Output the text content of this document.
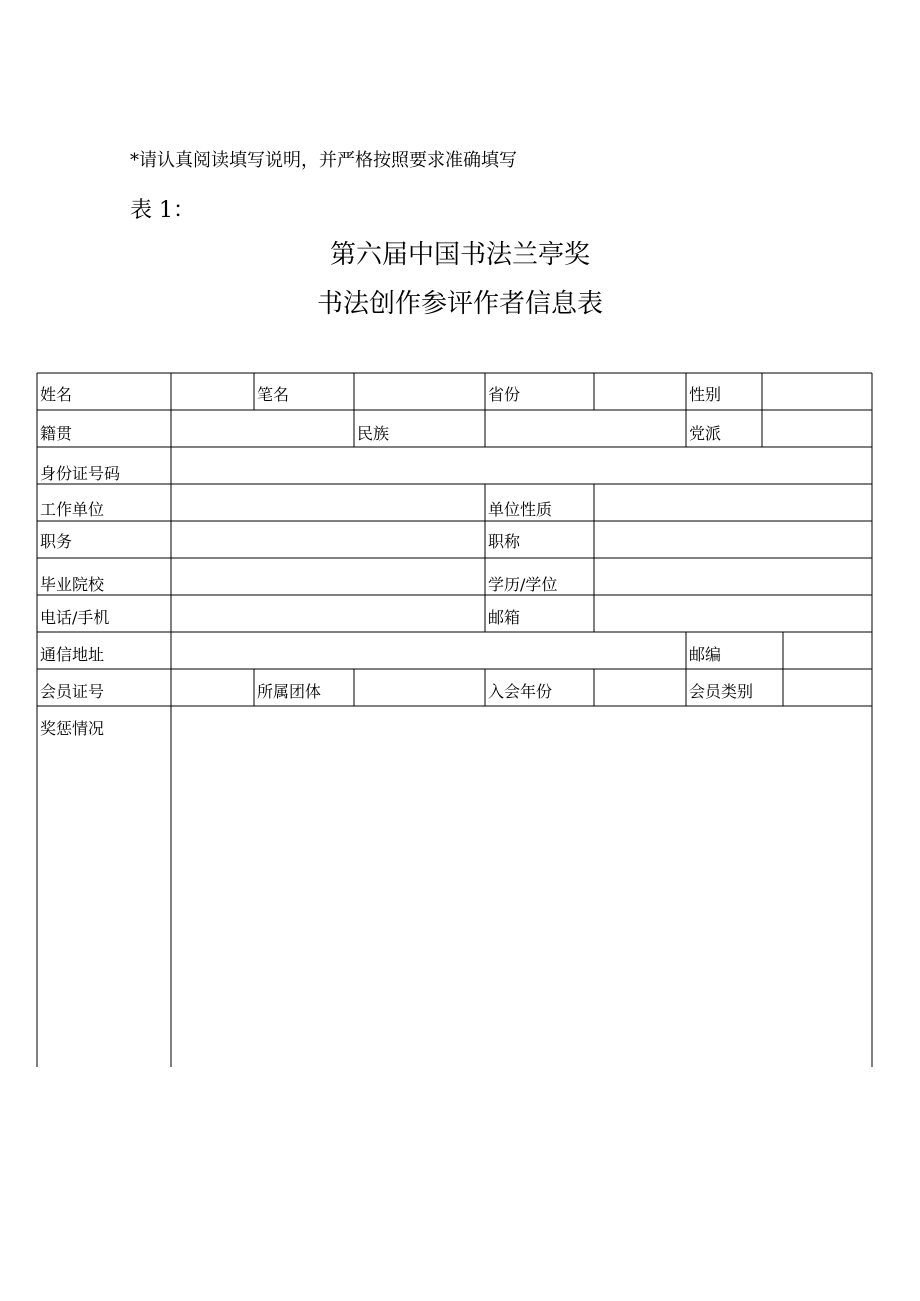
*请认真阅读填写说明，并严格按照要求准确填写
表 1：
第六届中国书法兰亭奖
书法创作参评作者信息表
姓名	笔名	省份	性别
籍贯	民族	党派
身份证号码
工作单位	单位性质
职务	职称
毕业院校	学历/学位
电话/手机	邮箱
通信地址	邮编
会员证号	所属团体	入会年份	会员类别
奖惩情况
